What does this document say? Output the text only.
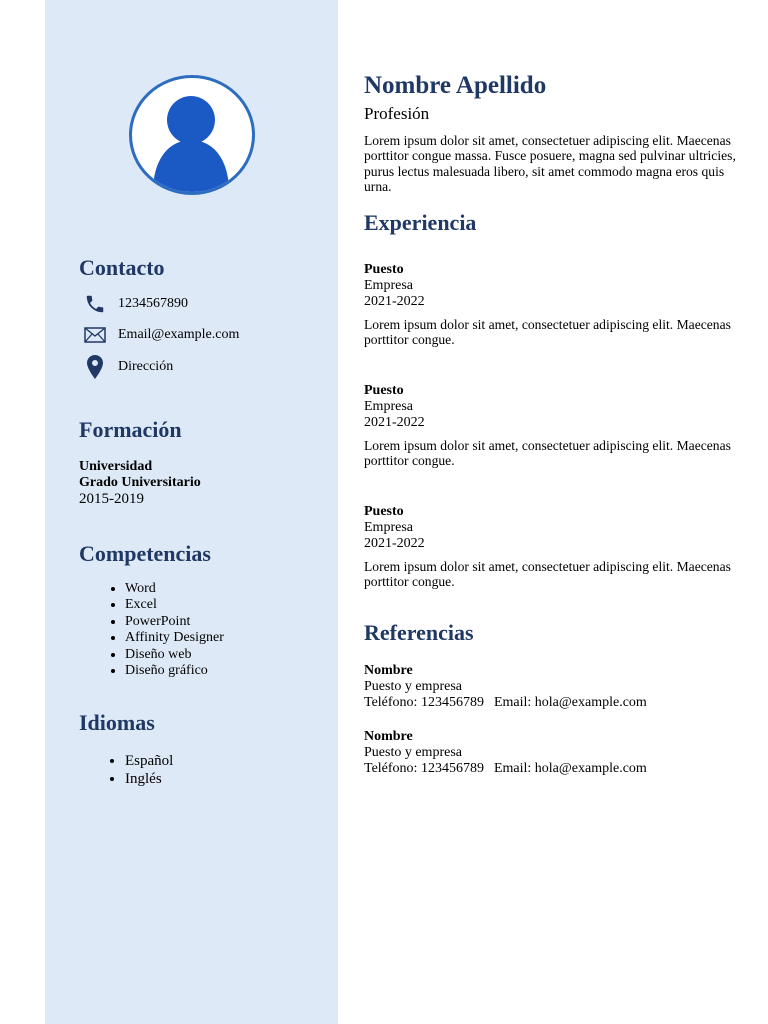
Contacto
1234567890
Email@example.com
Dirección
Formación
Universidad
Grado Universitario
2015-2019
Competencias
• Word
• Excel
• PowerPoint
• Affinity Designer
• Diseño web
• Diseño gráfico
Idiomas
• Español
• Inglés
Nombre Apellido
Profesión

Lorem ipsum dolor sit amet, consectetuer adipiscing elit. Maecenas porttitor congue massa. Fusce posuere, magna sed pulvinar ultricies, purus lectus malesuada libero, sit amet commodo magna eros quis urna.

Experiencia
Puesto
Empresa
2021-2022
Lorem ipsum dolor sit amet, consectetuer adipiscing elit. Maecenas porttitor congue.
Puesto
Empresa
2021-2022
Lorem ipsum dolor sit amet, consectetuer adipiscing elit. Maecenas porttitor congue.
Puesto
Empresa
2021-2022
Lorem ipsum dolor sit amet, consectetuer adipiscing elit. Maecenas porttitor congue.
Referencias
Nombre
Puesto y empresa
Teléfono: 123456789 Email: hola@example.com
Nombre
Puesto y empresa
Teléfono: 123456789 Email: hola@example.com
